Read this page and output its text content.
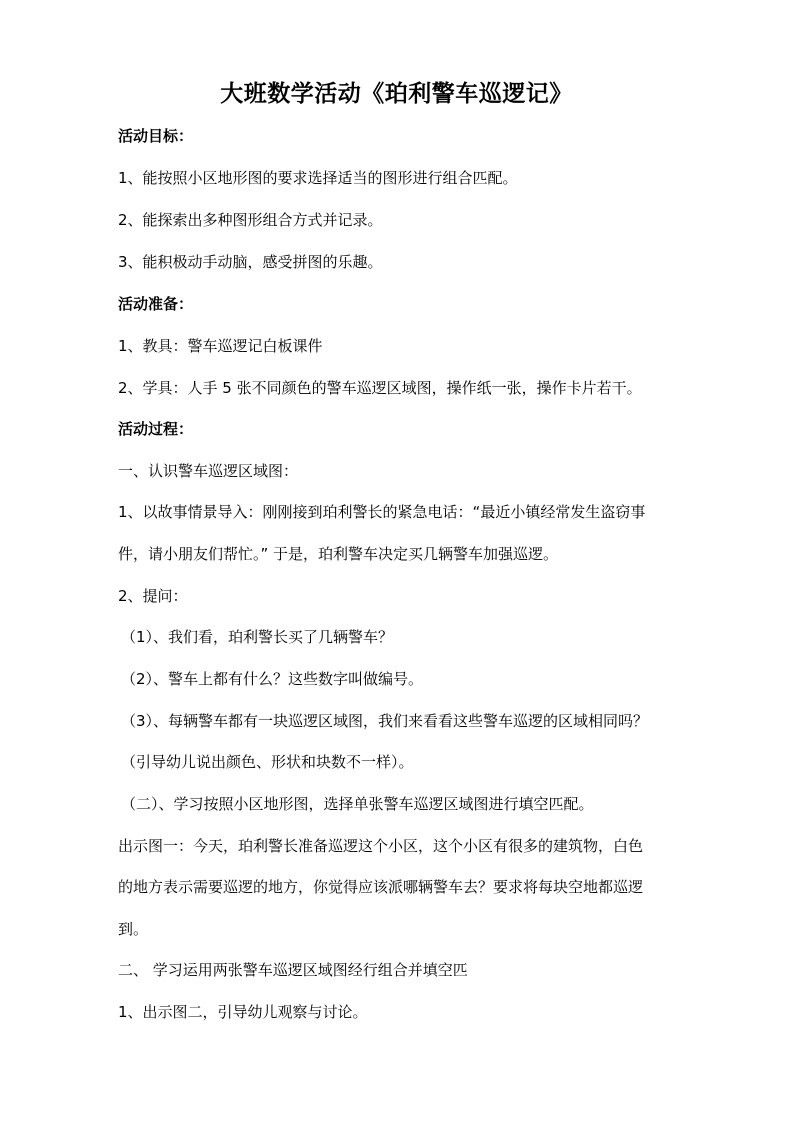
大班数学活动《珀利警车巡逻记》
活动目标：
1、能按照小区地形图的要求选择适当的图形进行组合匹配。
2、能探索出多种图形组合方式并记录。
3、能积极动手动脑，感受拼图的乐趣。
活动准备：
1、教具：警车巡逻记白板课件
2、学具：人手 5 张不同颜色的警车巡逻区域图，操作纸一张，操作卡片若干。
活动过程：
一、认识警车巡逻区域图：
1、以故事情景导入：刚刚接到珀利警长的紧急电话：“最近小镇经常发生盗窃事
件，请小朋友们帮忙。” 于是，珀利警车决定买几辆警车加强巡逻。
2、提问：
（1）、我们看，珀利警长买了几辆警车？
（2）、警车上都有什么？这些数字叫做编号。
（3）、每辆警车都有一块巡逻区域图，我们来看看这些警车巡逻的区域相同吗？
（引导幼儿说出颜色、形状和块数不一样）。
（二）、学习按照小区地形图，选择单张警车巡逻区域图进行填空匹配。
出示图一：今天，珀利警长准备巡逻这个小区，这个小区有很多的建筑物，白色
的地方表示需要巡逻的地方，你觉得应该派哪辆警车去？要求将每块空地都巡逻
到。
二、 学习运用两张警车巡逻区域图经行组合并填空匹
1、出示图二，引导幼儿观察与讨论。
